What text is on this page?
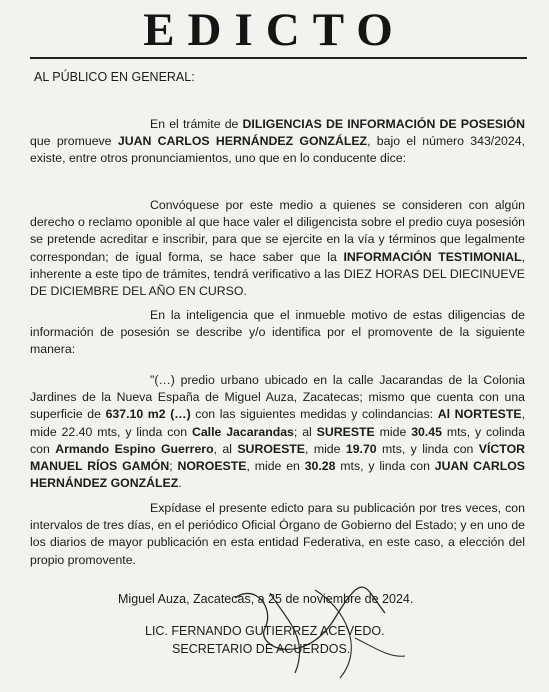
EDICTO
AL PÚBLICO EN GENERAL:
En el trámite de DILIGENCIAS DE INFORMACIÓN DE POSESIÓN que promueve JUAN CARLOS HERNÁNDEZ GONZÁLEZ, bajo el número 343/2024, existe, entre otros pronunciamientos, uno que en lo conducente dice:
Convóquese por este medio a quienes se consideren con algún derecho o reclamo oponible al que hace valer el diligencista sobre el predio cuya posesión se pretende acreditar e inscribir, para que se ejercite en la vía y términos que legalmente correspondan; de igual forma, se hace saber que la INFORMACIÓN TESTIMONIAL, inherente a este tipo de trámites, tendrá verificativo a las DIEZ HORAS DEL DIECINUEVE DE DICIEMBRE DEL AÑO EN CURSO.
En la inteligencia que el inmueble motivo de estas diligencias de información de posesión se describe y/o identifica por el promovente de la siguiente manera:
"(…) predio urbano ubicado en la calle Jacarandas de la Colonia Jardines de la Nueva España de Miguel Auza, Zacatecas; mismo que cuenta con una superficie de 637.10 m2 (…) con las siguientes medidas y colindancias: Al NORTESTE, mide 22.40 mts, y linda con Calle Jacarandas; al SURESTE mide 30.45 mts, y colinda con Armando Espino Guerrero, al SUROESTE, mide 19.70 mts, y linda con VÍCTOR MANUEL RÍOS GAMÓN; NOROESTE, mide en 30.28 mts, y linda con JUAN CARLOS HERNÁNDEZ GONZÁLEZ.
Expídase el presente edicto para su publicación por tres veces, con intervalos de tres días, en el periódico Oficial Órgano de Gobierno del Estado; y en uno de los diarios de mayor publicación en esta entidad Federativa, en este caso, a elección del propio promovente.
Miguel Auza, Zacatecas, a 25 de noviembre de 2024.
LIC. FERNANDO GUTIERREZ ACEVEDO.
SECRETARIO DE ACUERDOS.
